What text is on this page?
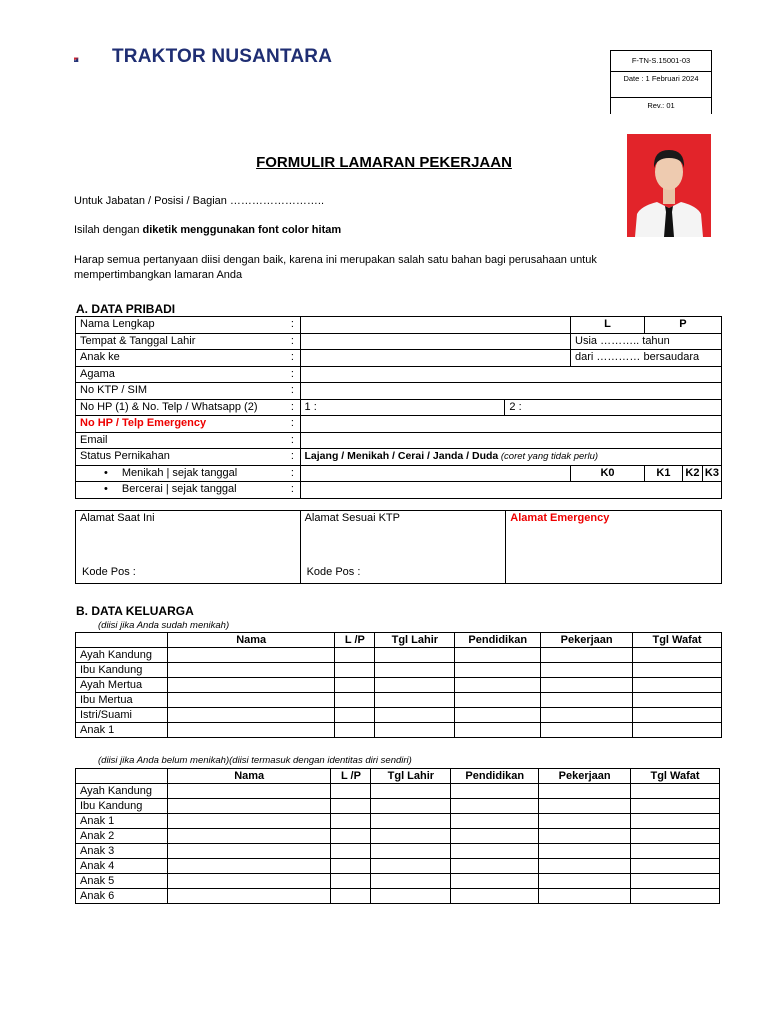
TRAKTOR NUSANTARA	F-TN-S.15001-03
Date : 1 Februari 2024
Rev.: 01
FORMULIR LAMARAN PEKERJAAN
Untuk Jabatan / Posisi / Bagian ……………………..
Isilah dengan diketik menggunakan font color hitam
Harap semua pertanyaan diisi dengan baik, karena ini merupakan salah satu bahan bagi perusahaan untuk
mempertimbangkan lamaran Anda
A. DATA PRIBADI
Nama Lengkap	:			L	P	
Tempat & Tanggal Lahir	:			Usia ……….. tahun		
Anak ke	:			dari ………… bersaudara		
Agama	:					
No KTP / SIM	:					
No HP (1) & No. Telp / Whatsapp (2)	:	1 :	2 :			
No HP / Telp Emergency	:					
Email	:					
Status Pernikahan	:	Lajang / Menikah / Cerai / Janda / Duda (coret yang tidak perlu)				
• Menikah | sejak tanggal	:			K0	K1	K2 K3
• Bercerai | sejak tanggal	:					
Alamat Saat Ini
Kode Pos :
	Alamat Sesuai KTP
Kode Pos :
	Alamat Emergency
B. DATA KELUARGA
(diisi jika Anda sudah menikah)
	Nama	L /P	Tgl Lahir	Pendidikan	Pekerjaan	Tgl Wafat
Ayah Kandung						
Ibu Kandung						
Ayah Mertua						
Ibu Mertua						
Istri/Suami						
Anak 1						
(diisi jika Anda belum menikah)(diisi termasuk dengan identitas diri sendiri)
	Nama	L /P	Tgl Lahir	Pendidikan	Pekerjaan	Tgl Wafat
Ayah Kandung						
Ibu Kandung						
Anak 1						
Anak 2						
Anak 3						
Anak 4						
Anak 5						
Anak 6						
